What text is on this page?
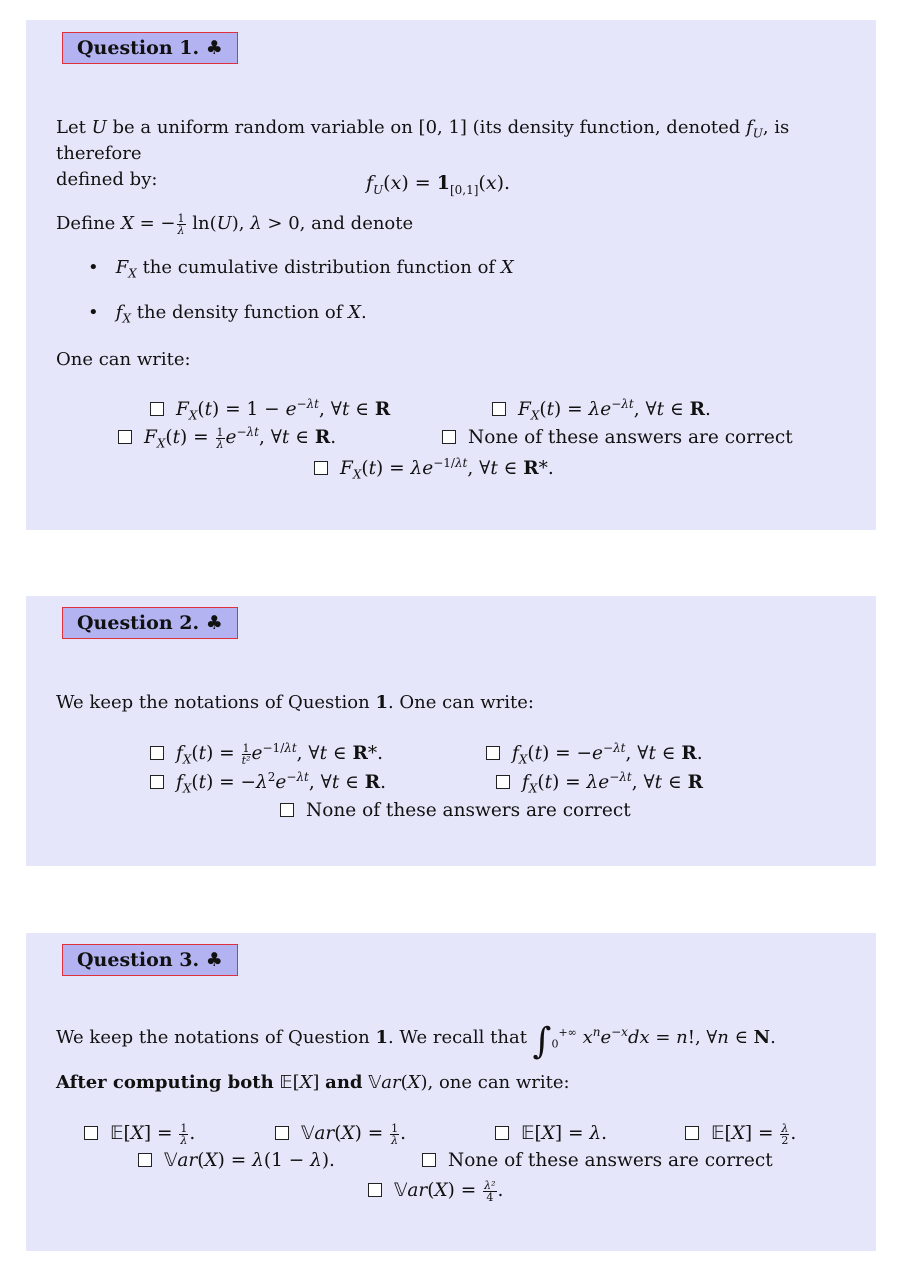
Question 1. ♣
Let U be a uniform random variable on [0, 1] (its density function, denoted $f_U$, is therefore
defined by:	$f_U(x) = 1_{[0,1]}(x)$.
Define X = − $\frac{1}{\lambda} \ln(U)$, λ > 0, and denote
•   $F_X$ the cumulative distribution function of X
•   $f_X$ the density function of X.
One can write:
$F_X(t) = 1 - e^{-\lambda t}$, ∀t ∈ R	$F_X(t) = \lambda e^{-\lambda t}$, ∀t ∈ R.
$F_X(t) = \frac{1}{\lambda} e^{-\lambda t}$, ∀t ∈ R.	None of these answers are correct
$F_X(t) = \lambda e^{-1/\lambda t}$, ∀t ∈ R*.
Question 2. ♣
We keep the notations of Question 1. One can write:
$f_X(t) = \frac{1}{\text{t²}} e^{-1/\lambda t}$, ∀t ∈ R*.	$f_X(t) = -e^{-\lambda t}$, ∀t ∈ R.
$f_X(t) = -\lambda^2e^{-\lambda t}$, ∀t ∈ R.	$f_X(t) = \lambda e^{-\lambda t}$, ∀t ∈ R
None of these answers are correct
Question 3. ♣
We keep the notations of Question 1. We recall that $\int_0^{+\infty}$ $x^ne^{-x}dx = n$!, ∀n ∈ N.
After computing both 𝔼[X] and 𝕍ar(X), one can write:
𝔼[X] = $\frac{1}{\lambda}$ .	𝕍ar(X) = $\frac{1}{\lambda}$ .	𝔼[X] = λ.	𝔼[X] = $\frac{\lambda}{2}$ .
𝕍ar(X) = λ(1 − λ).	None of these answers are correct
𝕍ar(X) = $\frac{\text{λ²}}{4}$ .
